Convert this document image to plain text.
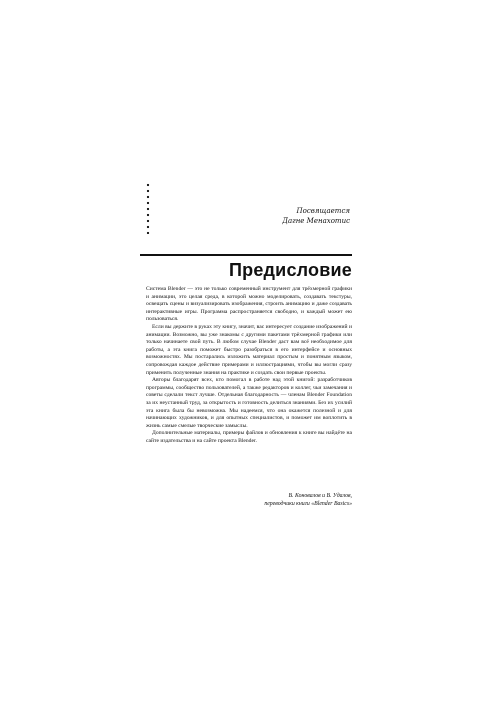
Посвящается
Дагне Менахотис
Предисловие

Система Blender — это не только современный инструмент для трёхмерной графики и анимации, это целая среда, в которой можно моделировать, создавать текстуры, освещать сцены и визуализировать изображения, строить анимацию и даже создавать интерактивные игры. Программа распространяется свободно, и каждый может ею пользоваться.

Если вы держите в руках эту книгу, значит, вас интересует создание изображений и анимации. Возможно, вы уже знакомы с другими пакетами трёхмерной графики или только начинаете свой путь. В любом случае Blender даст вам всё необходимое для работы, а эта книга поможет быстро разобраться в его интерфейсе и основных возможностях. Мы постарались изложить материал простым и понятным языком, сопровождая каждое действие примерами и иллюстрациями, чтобы вы могли сразу применить полученные знания на практике и создать свои первые проекты.

Авторы благодарят всех, кто помогал в работе над этой книгой: разработчиков программы, сообщество пользователей, а также редакторов и коллег, чьи замечания и советы сделали текст лучше. Отдельная благодарность — членам Blender Foundation за их неустанный труд, за открытость и готовность делиться знаниями. Без их усилий эта книга была бы невозможна. Мы надеемся, что она окажется полезной и для начинающих художников, и для опытных специалистов, и поможет им воплотить в жизнь самые смелые творческие замыслы.

Дополнительные материалы, примеры файлов и обновления к книге вы найдёте на сайте издательства и на сайте проекта Blender.

В. Коновалов и В. Удалов,
переводчики книги «Blender Basics»
